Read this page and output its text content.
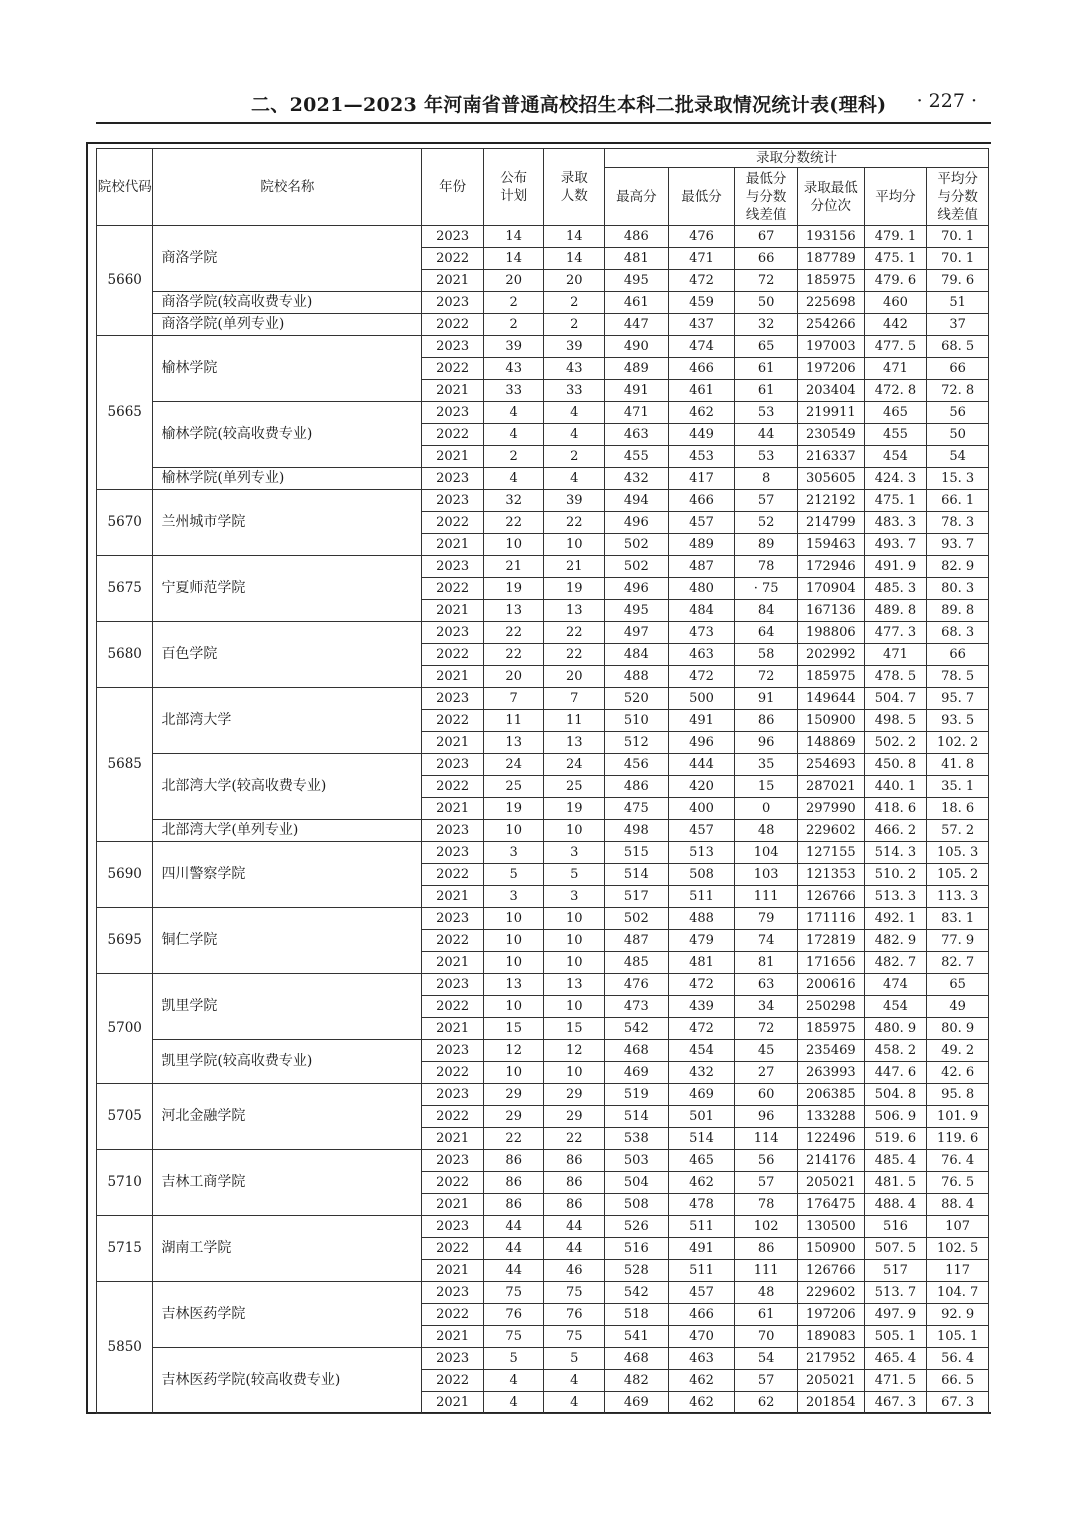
二、2021—2023 年河南省普通高校招生本科二批录取情况统计表(理科) · 227 ·
院校代码	院校名称	年份	公布计划	录取人数	录取分数统计					
					最高分	最低分	最低分与分数线差值	录取最低分位次	平均分	平均分与分数线差值
5660	商洛学院	2023	14	14	486	476	67	193156	479. 1	70. 1
		2022	14	14	481	471	66	187789	475. 1	70. 1
		2021	20	20	495	472	72	185975	479. 6	79. 6
	商洛学院(较高收费专业)	2023	2	2	461	459	50	225698	460	51
	商洛学院(单列专业)	2022	2	2	447	437	32	254266	442	37
5665	榆林学院	2023	39	39	490	474	65	197003	477. 5	68. 5
		2022	43	43	489	466	61	197206	471	66
		2021	33	33	491	461	61	203404	472. 8	72. 8
	榆林学院(较高收费专业)	2023	4	4	471	462	53	219911	465	56
		2022	4	4	463	449	44	230549	455	50
		2021	2	2	455	453	53	216337	454	54
	榆林学院(单列专业)	2023	4	4	432	417	8	305605	424. 3	15. 3
5670	兰州城市学院	2023	32	39	494	466	57	212192	475. 1	66. 1
		2022	22	22	496	457	52	214799	483. 3	78. 3
		2021	10	10	502	489	89	159463	493. 7	93. 7
5675	宁夏师范学院	2023	21	21	502	487	78	172946	491. 9	82. 9
		2022	19	19	496	480	· 75	170904	485. 3	80. 3
		2021	13	13	495	484	84	167136	489. 8	89. 8
5680	百色学院	2023	22	22	497	473	64	198806	477. 3	68. 3
		2022	22	22	484	463	58	202992	471	66
		2021	20	20	488	472	72	185975	478. 5	78. 5
5685	北部湾大学	2023	7	7	520	500	91	149644	504. 7	95. 7
		2022	11	11	510	491	86	150900	498. 5	93. 5
		2021	13	13	512	496	96	148869	502. 2	102. 2
	北部湾大学(较高收费专业)	2023	24	24	456	444	35	254693	450. 8	41. 8
		2022	25	25	486	420	15	287021	440. 1	35. 1
		2021	19	19	475	400	0	297990	418. 6	18. 6
	北部湾大学(单列专业)	2023	10	10	498	457	48	229602	466. 2	57. 2
5690	四川警察学院	2023	3	3	515	513	104	127155	514. 3	105. 3
		2022	5	5	514	508	103	121353	510. 2	105. 2
		2021	3	3	517	511	111	126766	513. 3	113. 3
5695	铜仁学院	2023	10	10	502	488	79	171116	492. 1	83. 1
		2022	10	10	487	479	74	172819	482. 9	77. 9
		2021	10	10	485	481	81	171656	482. 7	82. 7
5700	凯里学院	2023	13	13	476	472	63	200616	474	65
		2022	10	10	473	439	34	250298	454	49
		2021	15	15	542	472	72	185975	480. 9	80. 9
	凯里学院(较高收费专业)	2023	12	12	468	454	45	235469	458. 2	49. 2
		2022	10	10	469	432	27	263993	447. 6	42. 6
5705	河北金融学院	2023	29	29	519	469	60	206385	504. 8	95. 8
		2022	29	29	514	501	96	133288	506. 9	101. 9
		2021	22	22	538	514	114	122496	519. 6	119. 6
5710	吉林工商学院	2023	86	86	503	465	56	214176	485. 4	76. 4
		2022	86	86	504	462	57	205021	481. 5	76. 5
		2021	86	86	508	478	78	176475	488. 4	88. 4
5715	湖南工学院	2023	44	44	526	511	102	130500	516	107
		2022	44	44	516	491	86	150900	507. 5	102. 5
		2021	44	46	528	511	111	126766	517	117
5850	吉林医药学院	2023	75	75	542	457	48	229602	513. 7	104. 7
		2022	76	76	518	466	61	197206	497. 9	92. 9
		2021	75	75	541	470	70	189083	505. 1	105. 1
	吉林医药学院(较高收费专业)	2023	5	5	468	463	54	217952	465. 4	56. 4
		2022	4	4	482	462	57	205021	471. 5	66. 5
		2021	4	4	469	462	62	201854	467. 3	67. 3
